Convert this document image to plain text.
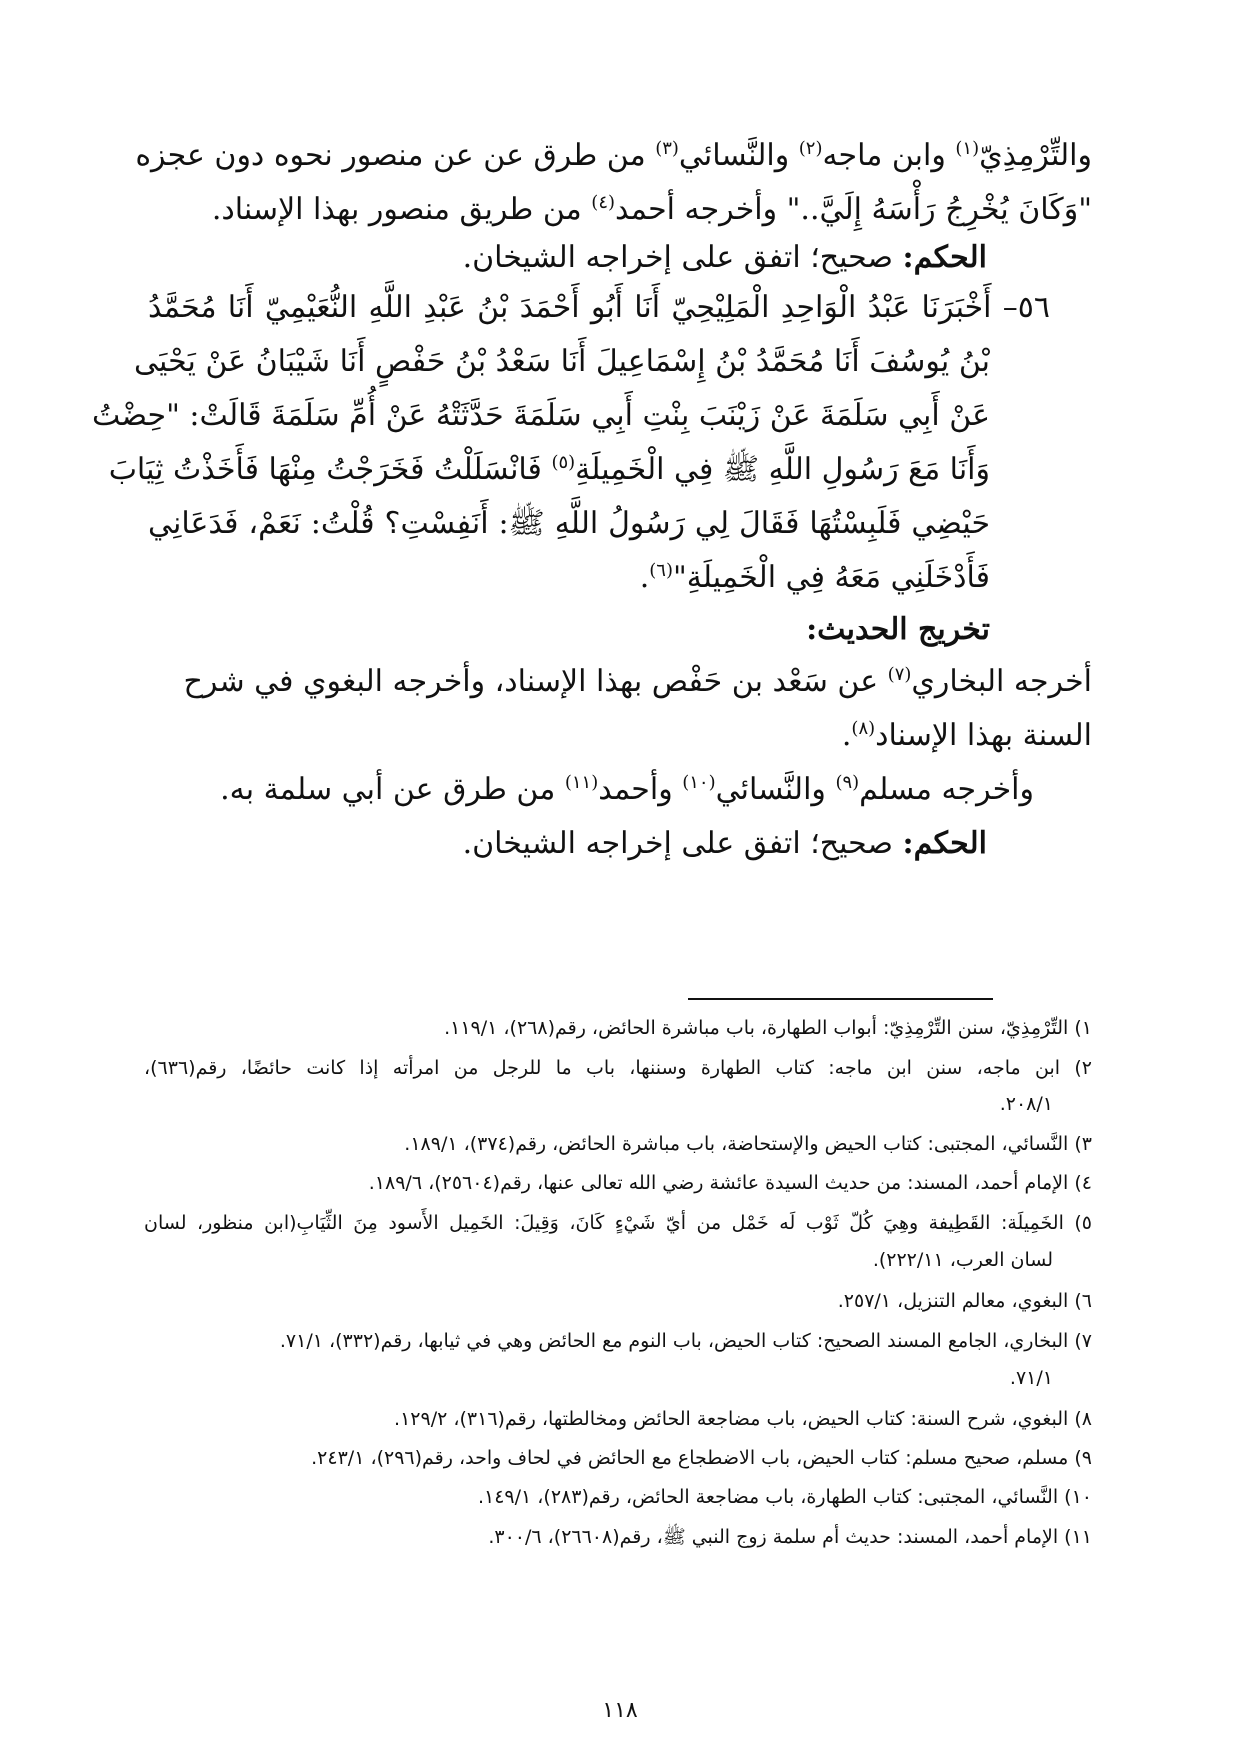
والتِّرْمِذِيّ$^{(١)}$ وابن ماجه$^{(٢)}$ والنَّسائي$^{(٣)}$ من طرق عن عن منصور نحوه دون عجزه
"وَكَانَ يُخْرِجُ رَأْسَهُ إِلَيَّ.." وأخرجه أحمد$^{(٤)}$ من طريق منصور بهذا الإسناد.
الحكم: صحيح؛ اتفق على إخراجه الشيخان.
٥٦– أَخْبَرَنَا عَبْدُ الْوَاحِدِ الْمَلِيْحِيّ أَنَا أَبُو أَحْمَدَ بْنُ عَبْدِ اللَّهِ النُّعَيْمِيّ أَنَا مُحَمَّدُ
بْنُ يُوسُفَ أَنَا مُحَمَّدُ بْنُ إِسْمَاعِيلَ أَنَا سَعْدُ بْنُ حَفْصٍ أَنَا شَيْبَانُ عَنْ يَحْيَى
عَنْ أَبِي سَلَمَةَ عَنْ زَيْنَبَ بِنْتِ أَبِي سَلَمَةَ حَدَّثَتْهُ عَنْ أُمِّ سَلَمَةَ قَالَتْ: "حِضْتُ
وَأَنَا مَعَ رَسُولِ اللَّهِ ﷺ فِي الْخَمِيلَةِ$^{(٥)}$ فَانْسَلَلْتُ فَخَرَجْتُ مِنْهَا فَأَخَذْتُ ثِيَابَ
حَيْضِي فَلَبِسْتُهَا فَقَالَ لِي رَسُولُ اللَّهِ ﷺ: أَنَفِسْتِ؟ قُلْتُ: نَعَمْ، فَدَعَانِي
فَأَدْخَلَنِي مَعَهُ فِي الْخَمِيلَةِ"$^{(٦)}$.
تخريج الحديث:
أخرجه البخاري$^{(٧)}$ عن سَعْد بن حَفْص بهذا الإسناد، وأخرجه البغوي في شرح
السنة بهذا الإسناد$^{(٨)}$.
وأخرجه مسلم$^{(٩)}$ والنَّسائي$^{(١٠)}$ وأحمد$^{(١١)}$ من طرق عن أبي سلمة به.
الحكم: صحيح؛ اتفق على إخراجه الشيخان.
١) التِّرْمِذِيّ، سنن التِّرْمِذِيّ: أبواب الطهارة، باب مباشرة الحائض، رقم(٢٦٨)، ١١٩/١.
٢) ابن ماجه، سنن ابن ماجه: كتاب الطهارة وسننها، باب ما للرجل من امرأته إذا كانت حائضًا، رقم(٦٣٦)،
٢٠٨/١.
٣) النَّسائي، المجتبى: كتاب الحيض والإستحاضة، باب مباشرة الحائض، رقم(٣٧٤)، ١٨٩/١.
٤) الإمام أحمد، المسند: من حديث السيدة عائشة رضي الله تعالى عنها، رقم(٢٥٦٠٤)، ١٨٩/٦.
٥) الخَمِيلَة: القَطِيفة وهِيَ كُلّ ثَوْب لَه خَمْل من أيّ شَيْءٍ كَانَ، وَقِيلَ: الخَمِيل الأَسود مِنَ الثِّيَابِ(ابن منظور، لسان
لسان العرب، ٢٢٢/١١).
٦) البغوي، معالم التنزيل، ٢٥٧/١.
٧) البخاري، الجامع المسند الصحيح: كتاب الحيض، باب النوم مع الحائض وهي في ثيابها، رقم(٣٣٢)، ٧١/١.
٧١/١.
٨) البغوي، شرح السنة: كتاب الحيض، باب مضاجعة الحائض ومخالطتها، رقم(٣١٦)، ١٢٩/٢.
٩) مسلم، صحيح مسلم: كتاب الحيض، باب الاضطجاع مع الحائض في لحاف واحد، رقم(٢٩٦)، ٢٤٣/١.
١٠) النَّسائي، المجتبى: كتاب الطهارة، باب مضاجعة الحائض، رقم(٢٨٣)، ١٤٩/١.
١١) الإمام أحمد، المسند: حديث أم سلمة زوج النبي ﷺ، رقم(٢٦٦٠٨)، ٣٠٠/٦.
١١٨
